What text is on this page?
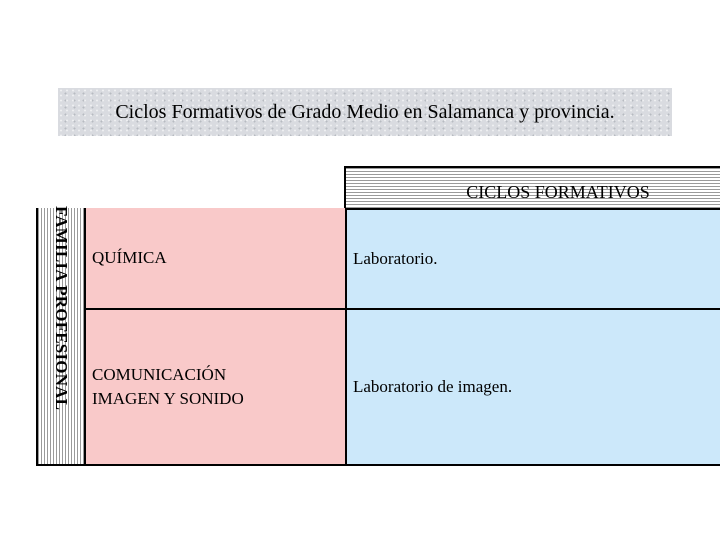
Ciclos Formativos de Grado Medio en Salamanca y provincia.
CICLOS FORMATIVOS
FAMILIA PROFESIONAL QUÍMICA	Laboratorio.
COMUNICACIÓN
IMAGEN Y SONIDO
Laboratorio de imagen.
